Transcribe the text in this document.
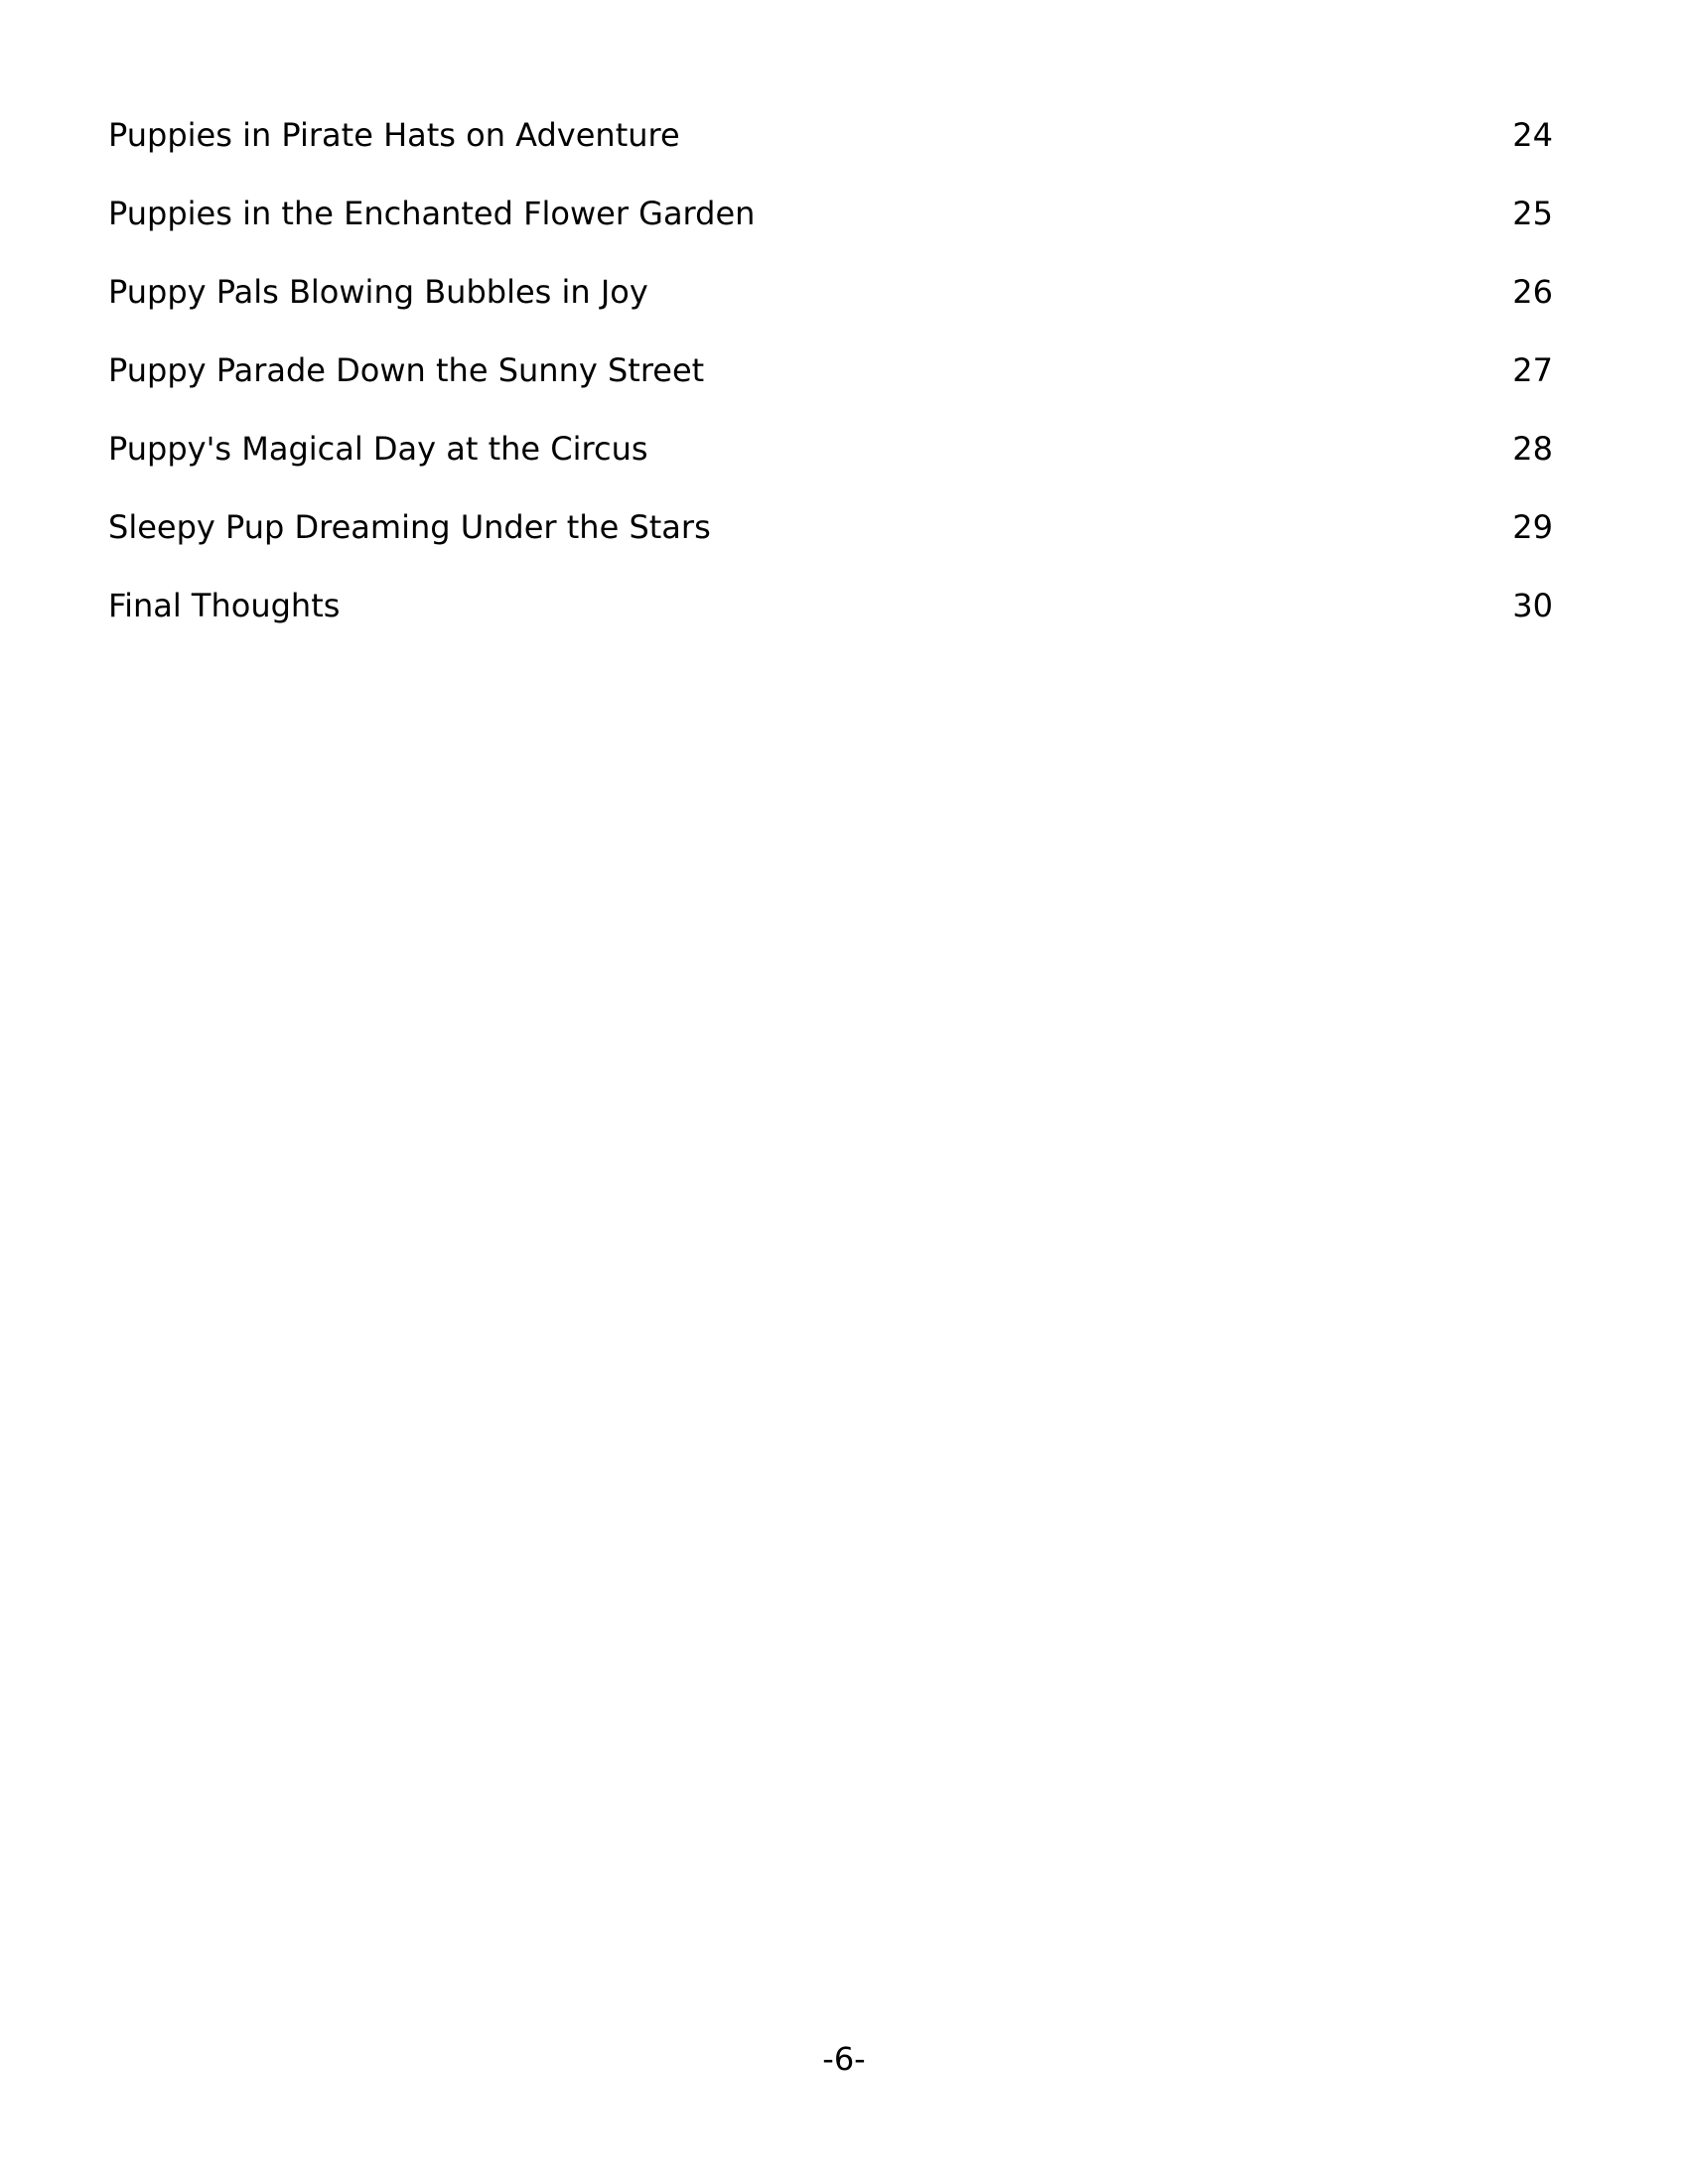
Puppies in Pirate Hats on Adventure	24
Puppies in the Enchanted Flower Garden	25
Puppy Pals Blowing Bubbles in Joy	26
Puppy Parade Down the Sunny Street	27
Puppy's Magical Day at the Circus	28
Sleepy Pup Dreaming Under the Stars	29
Final Thoughts	30
-6-
